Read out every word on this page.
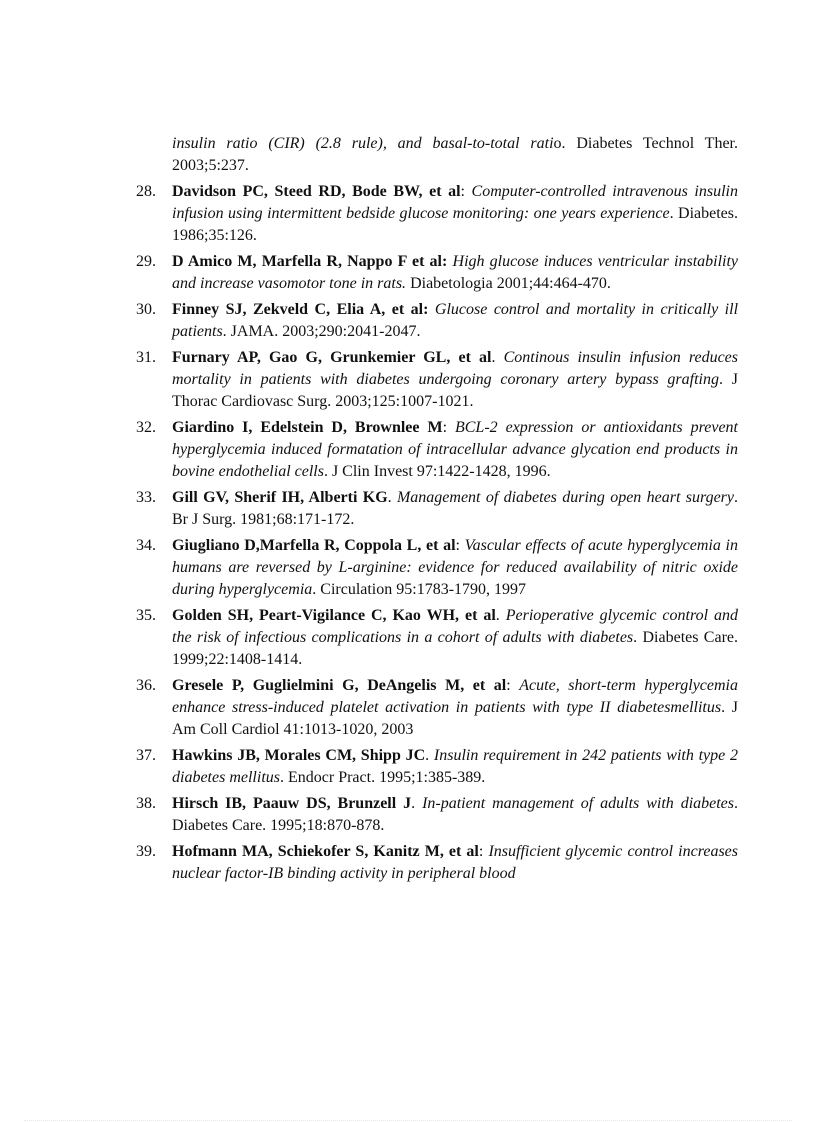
insulin ratio (CIR) (2.8 rule), and basal-to-total ratio. Diabetes Technol Ther. 2003;5:237.
28.	Davidson PC, Steed RD, Bode BW, et al: Computer-controlled intravenous insulin infusion using intermittent bedside glucose monitoring: one years experience. Diabetes. 1986;35:126.
29.	D Amico M, Marfella R, Nappo F et al: High glucose induces ventricular instability and increase vasomotor tone in rats. Diabetologia 2001;44:464-470.
30.	Finney SJ, Zekveld C, Elia A, et al: Glucose control and mortality in critically ill patients. JAMA. 2003;290:2041-2047.
31.	Furnary AP, Gao G, Grunkemier GL, et al. Continous insulin infusion reduces mortality in patients with diabetes undergoing coronary artery bypass grafting. J Thorac Cardiovasc Surg. 2003;125:1007-1021.
32.	Giardino I, Edelstein D, Brownlee M: BCL-2 expression or antioxidants prevent hyperglycemia induced formatation of intracellular advance glycation end products in bovine endothelial cells. J Clin Invest 97:1422-1428, 1996.
33.	Gill GV, Sherif IH, Alberti KG. Management of diabetes during open heart surgery. Br J Surg. 1981;68:171-172.
34.	Giugliano D,Marfella R, Coppola L, et al: Vascular effects of acute hyperglycemia in humans are reversed by L-arginine: evidence for reduced availability of nitric oxide during hyperglycemia. Circulation 95:1783-1790, 1997
35.	Golden SH, Peart-Vigilance C, Kao WH, et al. Perioperative glycemic control and the risk of infectious complications in a cohort of adults with diabetes. Diabetes Care. 1999;22:1408-1414.
36.	Gresele P, Guglielmini G, DeAngelis M, et al: Acute, short-term hyperglycemia enhance stress-induced platelet activation in patients with type II diabetesmellitus. J Am Coll Cardiol 41:1013-1020, 2003
37.	Hawkins JB, Morales CM, Shipp JC. Insulin requirement in 242 patients with type 2 diabetes mellitus. Endocr Pract. 1995;1:385-389.
38.	Hirsch IB, Paauw DS, Brunzell J. In-patient management of adults with diabetes. Diabetes Care. 1995;18:870-878.
39.	Hofmann MA, Schiekofer S, Kanitz M, et al: Insufficient glycemic control increases nuclear factor-IB binding activity in peripheral blood
